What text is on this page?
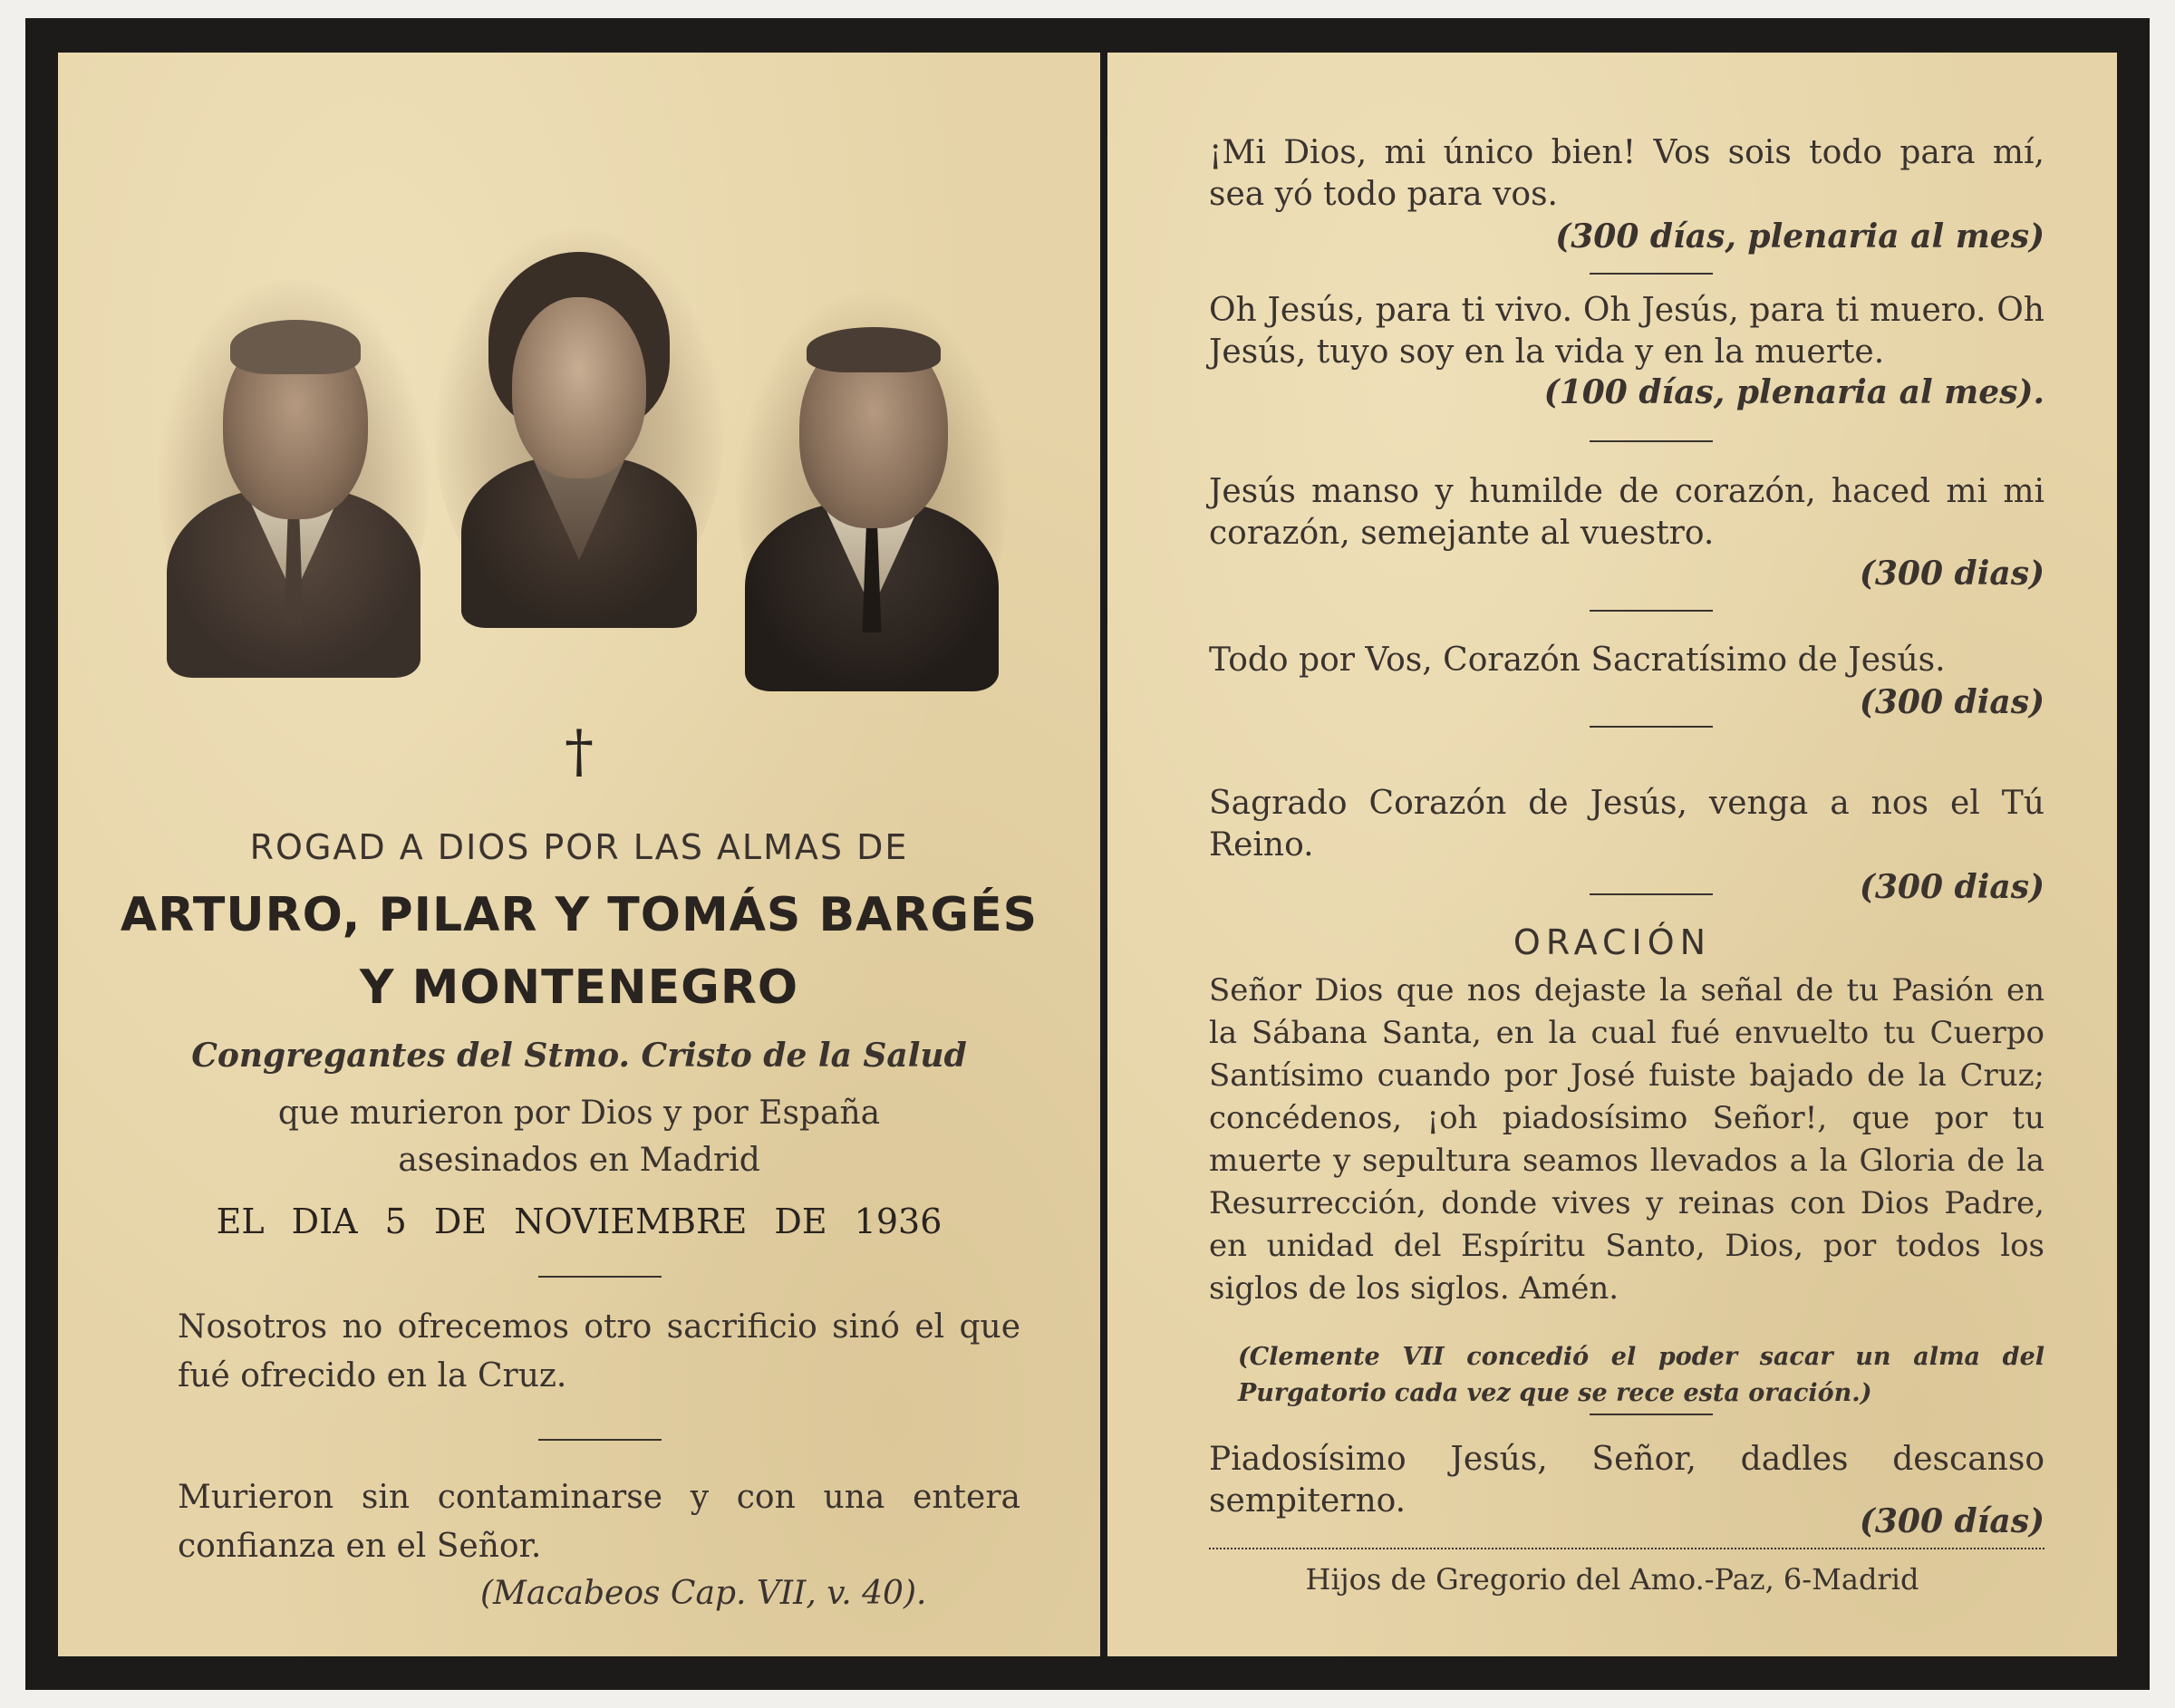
†
ROGAD A DIOS POR LAS ALMAS DE
ARTURO, PILAR Y TOMÁS BARGÉS
Y MONTENEGRO
Congregantes del Stmo. Cristo de la Salud
que murieron por Dios y por España
asesinados en Madrid
EL DIA 5 DE NOVIEMBRE DE 1936
Nosotros no ofrecemos otro sacrificio sinó el que fué ofrecido en la Cruz.
Murieron sin contaminarse y con una entera confianza en el Señor.
(Macabeos Cap. VII, v. 40).
¡Mi Dios, mi único bien! Vos sois todo para mí, sea yó todo para vos.
(300 días, plenaria al mes)
Oh Jesús, para ti vivo. Oh Jesús, para ti muero. Oh Jesús, tuyo soy en la vida y en la muerte.
(100 días, plenaria al mes).
Jesús manso y humilde de corazón, haced mi mi corazón, semejante al vuestro.
(300 dias)
Todo por Vos, Corazón Sacratísimo de Jesús.
(300 dias)
Sagrado Corazón de Jesús, venga a nos el Tú Reino.
(300 dias)
ORACIÓN
Señor Dios que nos dejaste la señal de tu Pasión en la Sábana Santa, en la cual fué envuelto tu Cuerpo Santísimo cuando por José fuiste bajado de la Cruz; concédenos, ¡oh piadosísimo Señor!, que por tu muerte y sepultura seamos llevados a la Gloria de la Resurrección, donde vives y reinas con Dios Padre, en unidad del Espíritu Santo, Dios, por todos los siglos de los siglos. Amén.
(Clemente VII concedió el poder sacar un alma del Purgatorio cada vez que se rece esta oración.)
Piadosísimo Jesús, Señor, dadles descanso sempiterno.
(300 días)
Hijos de Gregorio del Amo.-Paz, 6-Madrid
